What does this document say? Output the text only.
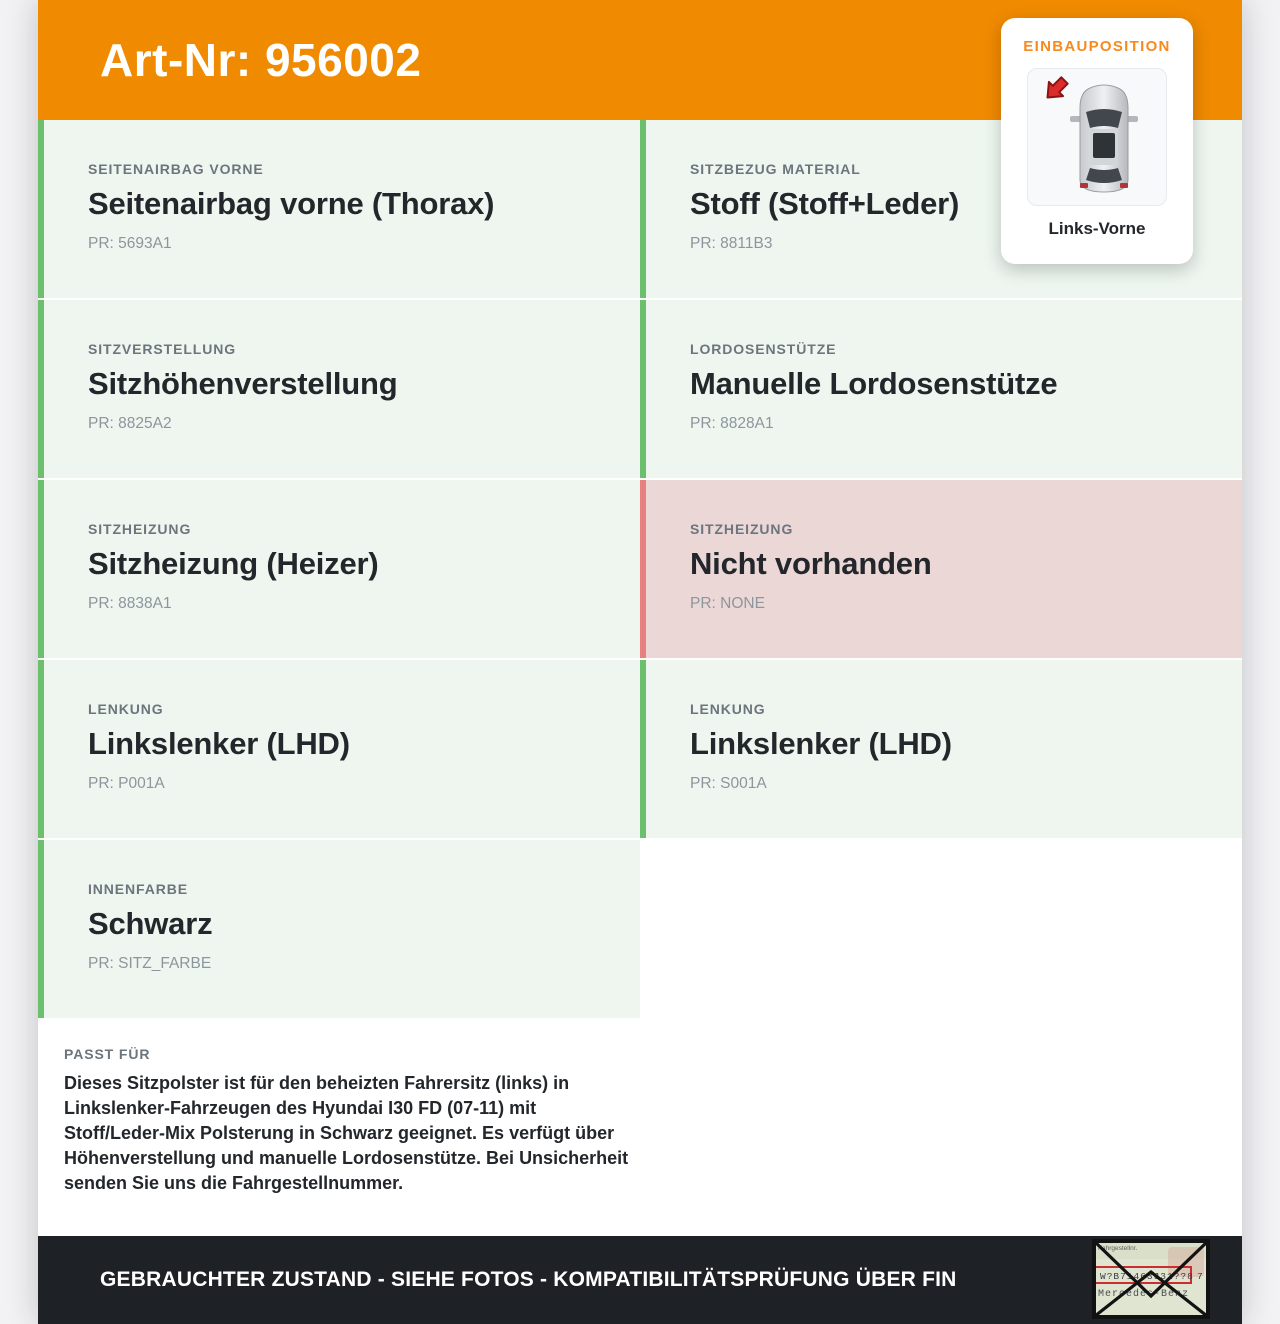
Art-Nr: 956002
SEITENAIRBAG VORNE
Seitenairbag vorne (Thorax)
PR: 5693A1
SITZBEZUG MATERIAL
Stoff (Stoff+Leder)
PR: 8811B3
SITZVERSTELLUNG
Sitzhöhenverstellung
PR: 8825A2
LORDOSENSTÜTZE
Manuelle Lordosenstütze
PR: 8828A1
SITZHEIZUNG
Sitzheizung (Heizer)
PR: 8838A1
SITZHEIZUNG
Nicht vorhanden
PR: NONE
LENKUNG
Linkslenker (LHD)
PR: P001A
LENKUNG
Linkslenker (LHD)
PR: S001A
INNENFARBE
Schwarz
PR: SITZ_FARBE
PASST FÜR
Dieses Sitzpolster ist für den beheizten Fahrersitz (links) in Linkslenker-Fahrzeugen des Hyundai I30 FD (07-11) mit Stoff/Leder-Mix Polsterung in Schwarz geeignet. Es verfügt über Höhenverstellung und manuelle Lordosenstütze. Bei Unsicherheit senden Sie uns die Fahrgestellnummer.
GEBRAUCHTER ZUSTAND - SIEHE FOTOS - KOMPATIBILITÄTSPRÜFUNG ÜBER FIN
Fahrgestellnr.
W?B71463J31??8 7
Mercedes-Benz
EINBAUPOSITION
Links-Vorne
